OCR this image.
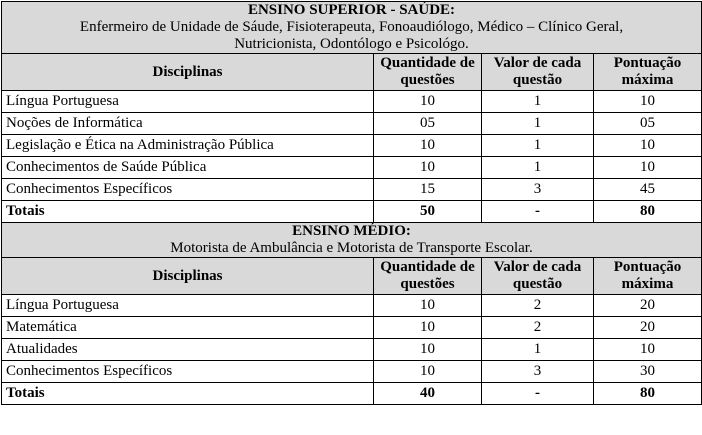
ENSINO SUPERIOR - SAÚDE:
Enfermeiro de Unidade de Sáude, Fisioterapeuta, Fonoaudiólogo, Médico – Clínico Geral,
Nutricionista, Odontólogo e Psicológo.			

Disciplinas	Quantidade de questões	Valor de cada questão	Pontuação máxima
Língua Portuguesa	10	1	10
Noções de Informática	05	1	05
Legislação e Ética na Administração Pública	10	1	10
Conhecimentos de Saúde Pública	10	1	10
Conhecimentos Específicos	15	3	45
Totais	50	-	80

ENSINO MÉDIO:
Motorista de Ambulância e Motorista de Transporte Escolar.			

Disciplinas	Quantidade de questões	Valor de cada questão	Pontuação máxima
Língua Portuguesa	10	2	20
Matemática	10	2	20
Atualidades	10	1	10
Conhecimentos Específicos	10	3	30
Totais	40	-	80
